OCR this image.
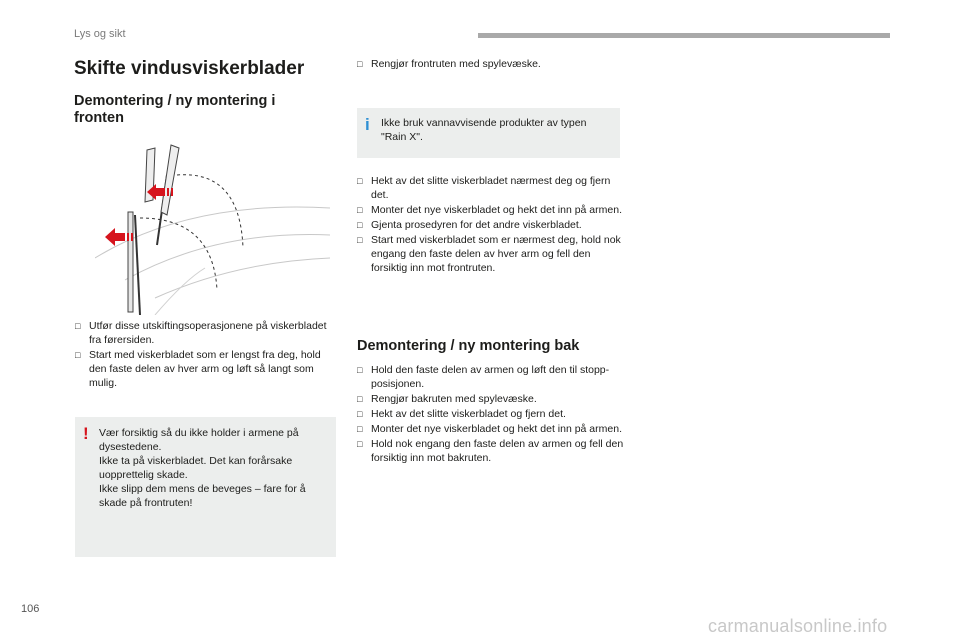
Lys og sikt
Skifte vindusviskerblader
Demontering / ny montering i fronten
□ Utfør disse utskiftingsoperasjonene på viskerbladet fra førersiden.
□ Start med viskerbladet som er lengst fra deg, hold den faste delen av hver arm og løft så langt som mulig.
! Vær forsiktig så du ikke holder i armene på dysestedene.
Ikke ta på viskerbladet. Det kan forårsake uopprettelig skade.
Ikke slipp dem mens de beveges – fare for å skade på frontruten!
□ Rengjør frontruten med spylevæske.
i Ikke bruk vannavvisende produkter av typen "Rain X".
□ Hekt av det slitte viskerbladet nærmest deg og fjern det.
□ Monter det nye viskerbladet og hekt det inn på armen.
□ Gjenta prosedyren for det andre viskerbladet.
□ Start med viskerbladet som er nærmest deg, hold nok engang den faste delen av hver arm og fell den forsiktig inn mot frontruten.
Demontering / ny montering bak
□ Hold den faste delen av armen og løft den til stopp-posisjonen.
□ Rengjør bakruten med spylevæske.
□ Hekt av det slitte viskerbladet og fjern det.
□ Monter det nye viskerbladet og hekt det inn på armen.
□ Hold nok engang den faste delen av armen og fell den forsiktig inn mot bakruten.
106
carmanualsonline.info
